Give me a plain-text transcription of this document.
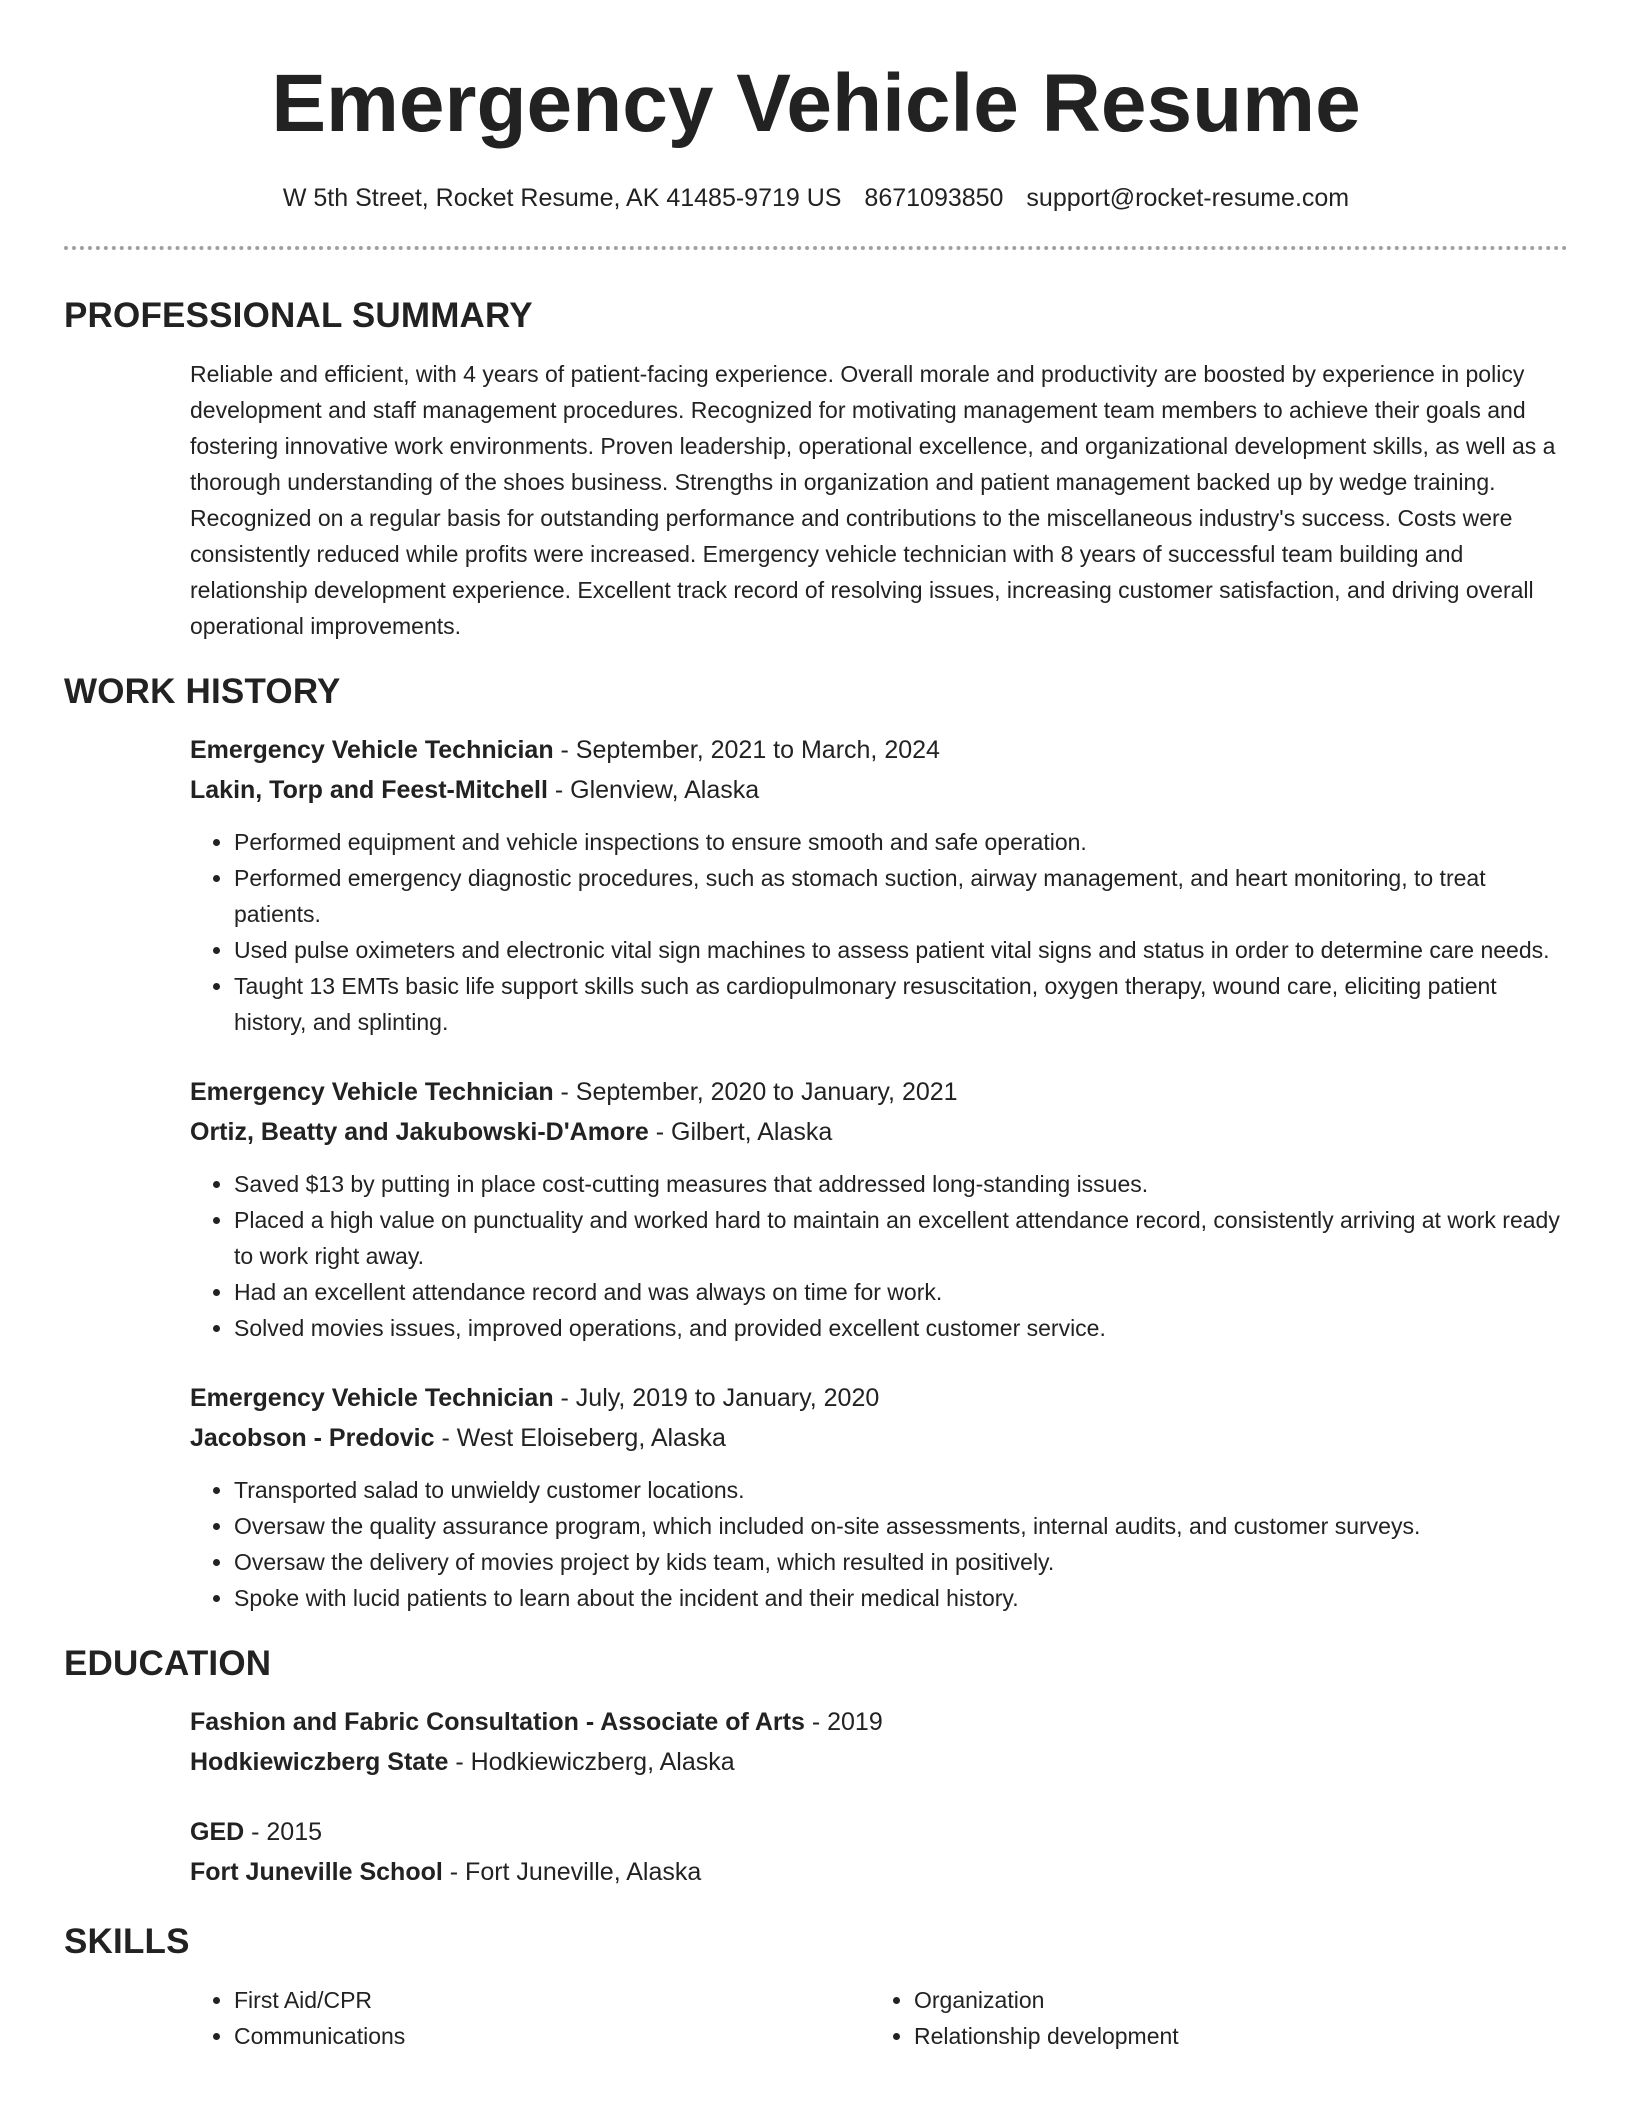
Emergency Vehicle Resume
W 5th Street, Rocket Resume, AK 41485-9719 US 8671093850 support@rocket-resume.com
PROFESSIONAL SUMMARY

Reliable and efficient, with 4 years of patient-facing experience. Overall morale and productivity are boosted by experience in policy development and staff management procedures. Recognized for motivating management team members to achieve their goals and fostering innovative work environments. Proven leadership, operational excellence, and organizational development skills, as well as a thorough understanding of the shoes business. Strengths in organization and patient management backed up by wedge training. Recognized on a regular basis for outstanding performance and contributions to the miscellaneous industry's success. Costs were consistently reduced while profits were increased. Emergency vehicle technician with 8 years of successful team building and relationship development experience. Excellent track record of resolving issues, increasing customer satisfaction, and driving overall operational improvements.

WORK HISTORY

Emergency Vehicle Technician - September, 2021 to March, 2024

Lakin, Torp and Feest-Mitchell - Glenview, Alaska

• Performed equipment and vehicle inspections to ensure smooth and safe operation.
• Performed emergency diagnostic procedures, such as stomach suction, airway management, and heart monitoring, to treat patients.
• Used pulse oximeters and electronic vital sign machines to assess patient vital signs and status in order to determine care needs.
• Taught 13 EMTs basic life support skills such as cardiopulmonary resuscitation, oxygen therapy, wound care, eliciting patient history, and splinting.

Emergency Vehicle Technician - September, 2020 to January, 2021

Ortiz, Beatty and Jakubowski-D'Amore - Gilbert, Alaska

• Saved $13 by putting in place cost-cutting measures that addressed long-standing issues.
• Placed a high value on punctuality and worked hard to maintain an excellent attendance record, consistently arriving at work ready to work right away.
• Had an excellent attendance record and was always on time for work.
• Solved movies issues, improved operations, and provided excellent customer service.

Emergency Vehicle Technician - July, 2019 to January, 2020

Jacobson - Predovic - West Eloiseberg, Alaska

• Transported salad to unwieldy customer locations.
• Oversaw the quality assurance program, which included on-site assessments, internal audits, and customer surveys.
• Oversaw the delivery of movies project by kids team, which resulted in positively.
• Spoke with lucid patients to learn about the incident and their medical history.
EDUCATION

Fashion and Fabric Consultation - Associate of Arts - 2019

Hodkiewiczberg State - Hodkiewiczberg, Alaska

GED - 2015

Fort Juneville School - Fort Juneville, Alaska

SKILLS
• First Aid/CPR
• Communications
• Organization
• Relationship development
